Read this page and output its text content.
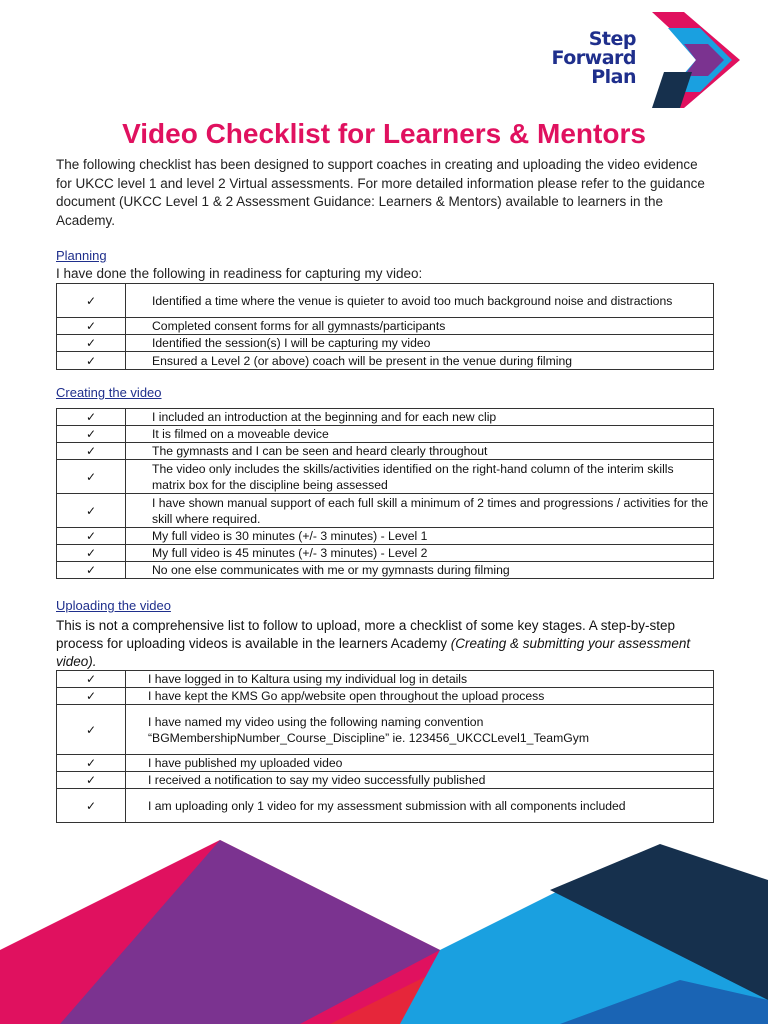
Step
Forward
Plan
Video Checklist for Learners & Mentors

The following checklist has been designed to support coaches in creating and uploading the video evidence for UKCC level 1 and level 2 Virtual assessments. For more detailed information please refer to the guidance document (UKCC Level 1 & 2 Assessment Guidance: Learners & Mentors) available to learners in the Academy.

Planning

I have done the following in readiness for capturing my video:

✓	Identified a time where the venue is quieter to avoid too much background noise and distractions
✓	Completed consent forms for all gymnasts/participants
✓	Identified the session(s) I will be capturing my video
✓	Ensured a Level 2 (or above) coach will be present in the venue during filming

Creating the video

✓	I included an introduction at the beginning and for each new clip
✓	It is filmed on a moveable device
✓	The gymnasts and I can be seen and heard clearly throughout
✓	The video only includes the skills/activities identified on the right-hand column of the interim skills matrix box for the discipline being assessed
✓	I have shown manual support of each full skill a minimum of 2 times and progressions / activities for the skill where required.
✓	My full video is 30 minutes (+/- 3 minutes) - Level 1
✓	My full video is 45 minutes (+/- 3 minutes) - Level 2
✓	No one else communicates with me or my gymnasts during filming

Uploading the video

This is not a comprehensive list to follow to upload, more a checklist of some key stages. A step-by-step process for uploading videos is available in the learners Academy (Creating & submitting your assessment video).

✓	I have logged in to Kaltura using my individual log in details
✓	I have kept the KMS Go app/website open throughout the upload process
✓	I have named my video using the following naming convention “BGMembershipNumber_Course_Discipline” ie. 123456_UKCCLevel1_TeamGym
✓	I have published my uploaded video
✓	I received a notification to say my video successfully published
✓	I am uploading only 1 video for my assessment submission with all components included
